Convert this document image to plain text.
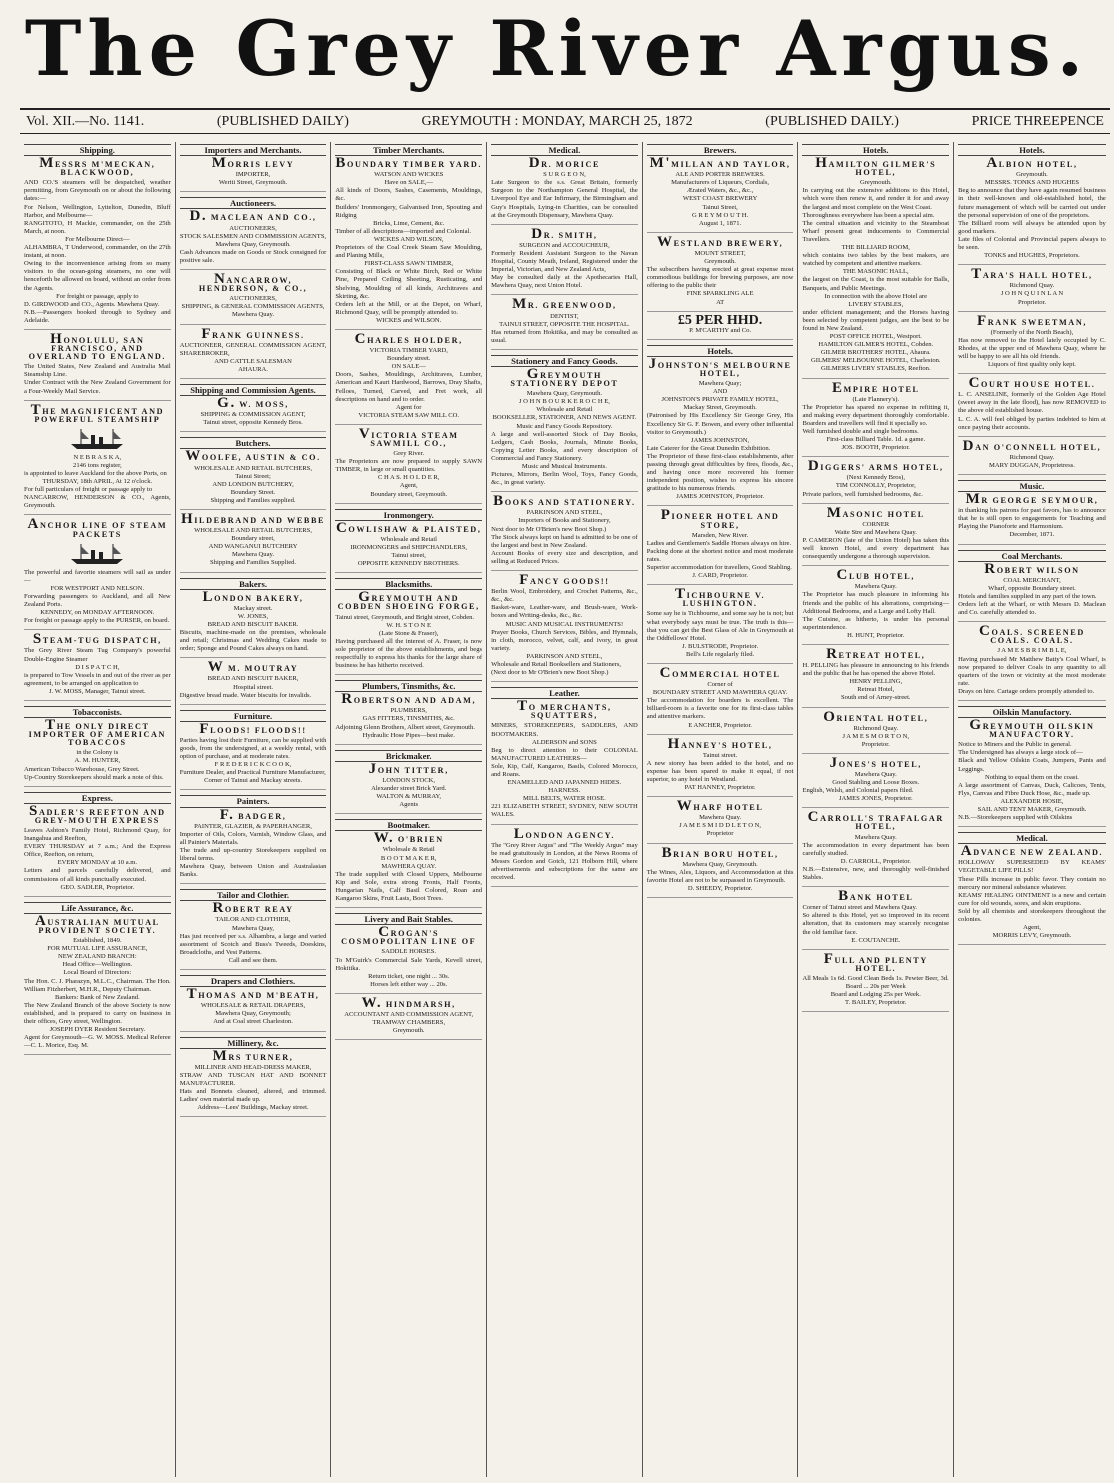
The Grey River Argus.
Vol. XII.—No. 1141.	(PUBLISHED DAILY)	GREYMOUTH : MONDAY, MARCH 25, 1872	(PUBLISHED DAILY.)	PRICE THREEPENCE
Shipping.
MESSRS M'MECKAN, BLACKWOOD,
AND CO.'S steamers will be despatched, weather permitting, from Greymouth on or about the following dates:—
For Nelson, Wellington, Lyttelton, Dunedin, Bluff Harbor, and Melbourne—
RANGITOTO, H Mackie, commander, on the 25th March, at noon.
For Melbourne Direct—
ALHAMBRA, T Underwood, commander, on the 27th instant, at noon.
Owing to the inconvenience arising from so many visitors to the ocean-going steamers, no one will henceforth be allowed on board, without an order from the Agents.
For freight or passage, apply to
D. GIRDWOOD and CO., Agents. Mawhera Quay.
N.B.—Passengers booked through to Sydney and Adelaide.
HONOLULU, SAN FRANCISCO, AND OVERLAND TO ENGLAND.
The United States, New Zealand and Australia Mail Steamship Line.
Under Contract with the New Zealand Government for a Four-Weekly Mail Service.
THE MAGNIFICENT AND POWERFUL STEAMSHIP
N E B R A S K A,
2146 tons register,
is appointed to leave Auckland for the above Ports, on
THURSDAY, 18th APRIL, At 12 o'clock.
For full particulars of freight or passage apply to
NANCARROW, HENDERSON & CO., Agents, Greymouth.
ANCHOR LINE OF STEAM PACKETS
The powerful and favorite steamers will sail as under—
FOR WESTPORT AND NELSON.
Forwarding passengers to Auckland, and all New Zealand Ports.
KENNEDY, on MONDAY AFTERNOON.
For freight or passage apply to the PURSER, on board.
STEAM-TUG DISPATCH,
The Grey River Steam Tug Company's powerful Double-Engine Steamer
D I S P A T C H,
is prepared to Tow Vessels in and out of the river as per agreement, to be arranged on application to
J. W. MOSS, Manager, Tainui street.
Tobacconists.
THE ONLY DIRECT IMPORTER OF AMERICAN TOBACCOS
in the Colony is
A. M. HUNTER,
American Tobacco Warehouse, Grey Street.
Up-Country Storekeepers should mark a note of this.
Express.
SADLER'S REEFTON AND GREY-MOUTH EXPRESS
Leaves Ashton's Family Hotel, Richmond Quay, for Inangahua and Reefton,
EVERY THURSDAY at 7 a.m.; And the Express Office, Reefton, on return,
EVERY MONDAY at 10 a.m.
Letters and parcels carefully delivered, and commissions of all kinds punctually executed.
GEO. SADLER, Proprietor.
Life Assurance, &c.
AUSTRALIAN MUTUAL PROVIDENT SOCIETY.
Established, 1849.
FOR MUTUAL LIFE ASSURANCE,
NEW ZEALAND BRANCH:
Head Office—Wellington.
Local Board of Directors:
The Hon. C. J. Pharazyn, M.L.C., Chairman. The Hon. William Fitzherbert, M.H.R., Deputy Chairman.
Bankers: Bank of New Zealand.
The New Zealand Branch of the above Society is now established, and is prepared to carry on business in their offices, Grey street, Wellington.
JOSEPH DYER Resident Secretary.
Agent for Greymouth—G. W. MOSS. Medical Referee—C. L. Morice, Esq. M.
Importers and Merchants.
MORRIS LEVY
IMPORTER,
Weriti Street, Greymouth.
Auctioneers.
D. MACLEAN AND CO.,
AUCTIONEERS,
STOCK SALESMEN AND COMMISSION AGENTS,
Mawhera Quay, Greymouth.
Cash Advances made on Goods or Stock consigned for positive sale.
NANCARROW, HENDERSON, & CO.,
AUCTIONEERS,
SHIPPING, & GENERAL COMMISSION AGENTS,
Mawhera Quay.
FRANK GUINNESS.
AUCTIONEER, GENERAL COMMISSION AGENT, SHAREBROKER,
AND CATTLE SALESMAN
AHAURA.
Shipping and Commission Agents.
G. W. MOSS,
SHIPPING & COMMISSION AGENT,
Tainui street, opposite Kennedy Bros.
Butchers.
WOOLFE, AUSTIN & CO.
WHOLESALE AND RETAIL BUTCHERS,
Tainui Street;
AND LONDON BUTCHERY,
Boundary Street.
Shipping and Families supplied.
HILDEBRAND AND WEBBE
WHOLESALE AND RETAIL BUTCHERS,
Boundary street,
AND WANGANUI BUTCHERY
Mawhera Quay.
Shipping and Families Supplied.
Bakers.
LONDON BAKERY,
Mackay street.
W. JONES,
BREAD AND BISCUIT BAKER.
Biscuits, machine-made on the premises, wholesale and retail; Christmas and Wedding Cakes made to order; Sponge and Pound Cakes always on hand.
W M. MOUTRAY
BREAD AND BISCUIT BAKER,
Hospital street.
Digestive bread made. Water biscuits for invalids.
Furniture.
FLOODS! FLOODS!!
Parties having lost their Furniture, can be supplied with goods, from the undersigned, at a weekly rental, with option of purchase, and at moderate rates.
F R E D E R I C K C O O K,
Furniture Dealer, and Practical Furniture Manufacturer,
Corner of Tainui and Mackay streets.
Painters.
F. BADGER,
PAINTER, GLAZIER, & PAPERHANGER,
Importer of Oils, Colors, Varnish, Window Glass, and all Painter's Materials.
The trade and up-country Storekeepers supplied on liberal terms.
Mawhera Quay, between Union and Australasian Banks.
Tailor and Clothier.
ROBERT REAY
TAILOR AND CLOTHIER,
Mawhera Quay,
Has just received per s.s. Alhambra, a large and varied assortment of Scotch and Buss's Tweeds, Doeskins, Broadcloths, and Vest Patterns.
Call and see them.
Drapers and Clothiers.
THOMAS AND M'BEATH,
WHOLESALE & RETAIL DRAPERS,
Mawhera Quay, Greymouth;
And at Coal street Charleston.
Millinery, &c.
MRS TURNER,
MILLINER AND HEAD-DRESS MAKER,
STRAW AND TUSCAN HAT AND BONNET MANUFACTURER.
Hats and Bonnets cleaned, altered, and trimmed. Ladies' own material made up.
Address—Lees' Buildings, Mackay street.
Timber Merchants.
BOUNDARY TIMBER YARD.
WATSON AND WICKES
Have on SALE,—
All kinds of Doors, Sashes, Casements, Mouldings, &c.
Builders' Ironmongery, Galvanised Iron, Spouting and Ridging
Bricks, Lime, Cement, &c.
Timber of all descriptions—imported and Colonial.
WICKES AND WILSON,
Proprietors of the Coal Creek Steam Saw Moulding, and Planing Mills,
FIRST-CLASS SAWN TIMBER,
Consisting of Black or White Birch, Red or White Pine, Prepared Ceiling Sheeting, Rusticating, and Shelving, Moulding of all kinds, Architraves and Skirting, &c.
Orders left at the Mill, or at the Depot, on Wharf, Richmond Quay, will be promptly attended to.
WICKES and WILSON.
CHARLES HOLDER,
VICTORIA TIMBER YARD,
Boundary street.
ON SALE—
Doors, Sashes, Mouldings, Architraves, Lumber, American and Kauri Hardwood, Barrows, Dray Shafts, Felloes, Turned, Carved, and Fret work, all descriptions on hand and to order.
Agent for
VICTORIA STEAM SAW MILL CO.
VICTORIA STEAM SAWMILL CO.,
Grey River.
The Proprietors are now prepared to supply SAWN TIMBER, in large or small quantities.
C H A S. H O L D E R,
Agent,
Boundary street, Greymouth.
Ironmongery.
COWLISHAW & PLAISTED,
Wholesale and Retail
IRONMONGERS and SHIPCHANDLERS,
Tainui street,
OPPOSITE KENNEDY BROTHERS.
Blacksmiths.
GREYMOUTH AND COBDEN SHOEING FORGE,
Tainui street, Greymouth, and Bright street, Cobden.
W. H. S T O N E
(Late Stone & Fraser),
Having purchased all the interest of A. Fraser, is now sole proprietor of the above establishments, and begs respectfully to express his thanks for the large share of business he has hitherto received.
Plumbers, Tinsmiths, &c.
ROBERTSON AND ADAM,
PLUMBERS,
GAS FITTERS, TINSMITHS, &c.
Adjoining Glenn Brothers, Albert street, Greymouth.
Hydraulic Hose Pipes—best make.
Brickmaker.
JOHN TITTER,
LONDON STOCK,
Alexander street Brick Yard.
WALTON & MURRAY,
Agents
Bootmaker.
W. O'BRIEN
Wholesale & Retail
B O O T M A K E R,
MAWHERA QUAY.
The trade supplied with Closed Uppers, Melbourne Kip and Sole, extra strong Fronts, Half Fronts, Hungarian Nails, Calf Basil Colored, Roan and Kangaroo Skins, Fruit Lasts, Boot Trees.
Livery and Bait Stables.
CROGAN'S COSMOPOLITAN LINE OF
SADDLE HORSES.
To M'Guirk's Commercial Sale Yards, Kevell street, Hokitika.
Return ticket, one night ... 30s.
Horses left either way ... 20s.
W. HINDMARSH,
ACCOUNTANT AND COMMISSION AGENT,
TRAMWAY CHAMBERS,
Greymouth.
Medical.
DR. MORICE
S U R G E O N,
Late Surgeon to the s.s. Great Britain, formerly Surgeon to the Northampton General Hospital, the Liverpool Eye and Ear Infirmary, the Birmingham and Guy's Hospitals, Lying-in Charities, can be consulted at the Greymouth Dispensary, Mawhera Quay.
DR. SMITH,
SURGEON and ACCOUCHEUR,
Formerly Resident Assistant Surgeon to the Navan Hospital, County Meath, Ireland, Registered under the Imperial, Victorian, and New Zealand Acts,
May be consulted daily at the Apothecaries Hall, Mawhera Quay, next Union Hotel.
MR. GREENWOOD,
DENTIST,
TAINUI STREET, OPPOSITE THE HOSPITAL.
Has returned from Hokitika, and may be consulted as usual.
Stationery and Fancy Goods.
GREYMOUTH STATIONERY DEPOT
Mawhera Quay, Greymouth.
J O H N B O U R K E R O C H E,
Wholesale and Retail
BOOKSELLER, STATIONER, AND NEWS AGENT.
Music and Fancy Goods Repository.
A large and well-assorted Stock of Day Books, Ledgers, Cash Books, Journals, Minute Books, Copying Letter Books, and every description of Commercial and Fancy Stationery.
Music and Musical Instruments.
Pictures, Mirrors, Berlin Wool, Toys, Fancy Goods, &c., in great variety.
BOOKS AND STATIONERY.
PARKINSON AND STEEL,
Importers of Books and Stationery,
Next door to Mr O'Brien's new Boot Shop.)
The Stock always kept on hand is admitted to be one of the largest and best in New Zealand.
Account Books of every size and description, and selling at Reduced Prices.
FANCY GOODS!!
Berlin Wool, Embroidery, and Crochet Patterns, &c., &c., &c.
Basket-ware, Leather-ware, and Brush-ware, Work-boxes and Writing-desks, &c., &c.
MUSIC AND MUSICAL INSTRUMENTS!
Prayer Books, Church Services, Bibles, and Hymnals, in cloth, morocco, velvet, calf, and ivory, in great variety.
PARKINSON AND STEEL,
Wholesale and Retail Booksellers and Stationers,
(Next door to Mr O'Brien's new Boot Shop.)
Leather.
TO MERCHANTS, SQUATTERS,
MINERS, STOREKEEPERS, SADDLERS, AND BOOTMAKERS.
ALDERSON and SONS
Beg to direct attention to their COLONIAL MANUFACTURED LEATHERS—
Sole, Kip, Calf, Kangaroo, Basils, Colored Morocco, and Roans.
ENAMELLED AND JAPANNED HIDES.
HARNESS.
MILL BELTS, WATER HOSE.
221 ELIZABETH STREET, SYDNEY, NEW SOUTH WALES.
LONDON AGENCY.
The "Grey River Argus" and "The Weekly Argus" may be read gratuitously in London, at the News Rooms of Messrs Gordon and Gotch, 121 Holborn Hill, where advertisements and subscriptions for the same are received.
Brewers.
M'MILLAN AND TAYLOR,
ALE AND PORTER BREWERS.
Manufacturers of Liqueurs, Cordials,
Ærated Waters, &c., &c.,
WEST COAST BREWERY
Tainui Street,
G R E Y M O U T H.
August 1, 1871.
WESTLAND BREWERY,
MOUNT STREET,
Greymouth.
The subscribers having erected at great expense most commodious buildings for brewing purposes, are now offering to the public their
FINE SPARKLING ALE
AT
£5 PER HHD.
P. M'CARTHY and Co.
Hotels.
JOHNSTON'S MELBOURNE HOTEL,
Mawhera Quay;
AND
JOHNSTON'S PRIVATE FAMILY HOTEL,
Mackay Street, Greymouth.
(Patronised by His Excellency Sir George Grey, His Excellency Sir G. F. Bowen, and every other influential visitor to Greymouth.)
JAMES JOHNSTON,
Late Caterer for the Great Dunedin Exhibition.
The Proprietor of these first-class establishments, after passing through great difficulties by fires, floods, &c., and having once more recovered his former independent position, wishes to express his sincere gratitude to his numerous friends.
JAMES JOHNSTON, Proprietor.
PIONEER HOTEL AND STORE,
Marsden, New River.
Ladies and Gentlemen's Saddle Horses always on hire.
Packing done at the shortest notice and most moderate rates.
Superior accommodation for travellers, Good Stabling.
J. CARD, Proprietor.
TICHBOURNE V. LUSHINGTON.
Some say he is Tichbourne, and some say he is not; but what everybody says must be true. The truth is this—that you can get the Best Glass of Ale in Greymouth at the Oddfellows' Hotel.
J. BULSTRODE, Proprietor.
Bell's Life regularly filed.
COMMERCIAL HOTEL
Corner of
BOUNDARY STREET AND MAWHERA QUAY.
The accommodation for boarders is excellent. The billiard-room is a favorite one for its first-class tables and attentive markers.
E ANCHER, Proprietor.
HANNEY'S HOTEL,
Tainui street.
A new storey has been added to the hotel, and no expense has been spared to make it equal, if not superior, to any hotel in Westland.
PAT HANNEY, Proprietor.
WHARF HOTEL
Mawhera Quay.
J A M E S M I D D L E T O N,
Proprietor
BRIAN BORU HOTEL,
Mawhera Quay, Greymouth.
The Wines, Ales, Liquors, and Accommodation at this favorite Hotel are not to be surpassed in Greymouth.
D. SHEEDY, Proprietor.
Hotels.
HAMILTON GILMER'S HOTEL,
Greymouth.
In carrying out the extensive additions to this Hotel, which were then renew it, and render it for and away the largest and most complete on the West Coast.
Thoroughness everywhere has been a special aim.
The central situation and vicinity to the Steamboat Wharf present great inducements to Commercial Travellers.
THE BILLIARD ROOM,
which contains two tables by the best makers, are watched by competent and attentive markers.
THE MASONIC HALL,
the largest on the Coast, is the most suitable for Balls, Banquets, and Public Meetings.
In connection with the above Hotel are
LIVERY STABLES,
under efficient management; and the Horses having been selected by competent judges, are the best to be found in New Zealand.
POST OFFICE HOTEL, Westport.
HAMILTON GILMER'S HOTEL, Cobden.
GILMER BROTHERS' HOTEL, Ahaura.
GILMERS' MELBOURNE HOTEL, Charleston.
GILMERS LIVERY STABLES, Reefton.
EMPIRE HOTEL
(Late Flannery's).
The Proprietor has spared no expense in refitting it, and making every department thoroughly comfortable. Boarders and travellers will find it specially so.
Well furnished double and single bedrooms.
First-class Billiard Table. 1d. a game.
JOS. BOOTH, Proprietor.
DIGGERS' ARMS HOTEL,
(Next Kennedy Bros),
TIM CONNOLLY, Proprietor,
Private parlors, well furnished bedrooms, &c.
MASONIC HOTEL
CORNER
Waite Stre and Mawhera Quay.
P. CAMERON (late of the Union Hotel) has taken this well known Hotel, and every department has consequently undergone a thorough supervision.
CLUB HOTEL,
Mawhera Quay.
The Proprietor has much pleasure in informing his friends and the public of his alterations, comprising—Additional Bedrooms, and a Large and Lofty Hall.
The Cuisine, as hitherto, is under his personal superintendence.
H. HUNT, Proprietor.
RETREAT HOTEL,
H. PELLING has pleasure in announcing to his friends and the public that he has opened the above Hotel.
HENRY PELLING,
Retreat Hotel,
South end of Arney-street.
ORIENTAL HOTEL,
Richmond Quay.
J A M E S M O R T O N,
Proprietor.
JONES'S HOTEL,
Mawhera Quay.
Good Stabling and Loose Boxes.
English, Welsh, and Colonial papers filed.
JAMES JONES, Proprietor.
CARROLL'S TRAFALGAR HOTEL,
Mawhera Quay.
The accommodation in every department has been carefully studied.
D. CARROLL, Proprietor.
N.B.—Extensive, new, and thoroughly well-finished Stables.
BANK HOTEL
Corner of Tainui street and Mawhera Quay.
So altered is this Hotel, yet so improved in its recent alteration, that its customers may scarcely recognise the old familiar face.
E. COUTANCHE.
FULL AND PLENTY HOTEL.
All Meals 1s 6d. Good Clean Beds 1s. Pewter Beer, 3d.
Board ... 20s per Week
Board and Lodging 25s per Week.
T. BAILEY, Proprietor.
Hotels.
ALBION HOTEL,
Greymouth.
MESSRS. TONKS AND HUGHES
Beg to announce that they have again resumed business in their well-known and old-established hotel, the future management of which will be carried out under the personal supervision of one of the proprietors.
The Billiard room will always be attended upon by good markers.
Late files of Colonial and Provincial papers always to be seen.
TONKS and HUGHES, Proprietors.
TARA'S HALL HOTEL,
Richmond Quay.
J O H N Q U I N L A N
Proprietor.
FRANK SWEETMAN,
(Formerly of the North Beach),
Has now removed to the Hotel lately occupied by C. Rhodes, at the upper end of Mawhera Quay, where he will be happy to see all his old friends.
Liquors of first quality only kept.
COURT HOUSE HOTEL.
L. C. ANSELINE, formerly of the Golden Age Hotel (sweet away in the late flood), has now REMOVED to the above old established house.
L. C. A. will feel obliged by parties indebted to him at once paying their accounts.
DAN O'CONNELL HOTEL,
Richmond Quay.
MARY DUGGAN, Proprietress.
Music.
MR GEORGE SEYMOUR,
in thanking his patrons for past favors, has to announce that he is still open to engagements for Teaching and Playing the Pianoforte and Harmonium.
December, 1871.
Coal Merchants.
ROBERT WILSON
COAL MERCHANT,
Wharf, opposite Boundary street.
Hotels and families supplied in any part of the town.
Orders left at the Wharf, or with Messrs D. Maclean and Co. carefully attended to.
COALS. SCREENED COALS. COALS.
J A M E S B R I M B L E,
Having purchased Mr Matthew Batty's Coal Wharf, is now prepared to deliver Coals in any quantity to all quarters of the town or vicinity at the most moderate rate.
Drays on hire. Cartage orders promptly attended to.
Oilskin Manufactory.
GREYMOUTH OILSKIN MANUFACTORY.
Notice to Miners and the Public in general.
The Undersigned has always a large stock of—
Black and Yellow Oilskin Coats, Jumpers, Pants and Leggings.
Nothing to equal them on the coast.
A large assortment of Canvas, Duck, Calicoes, Tents, Flys, Canvas and Fibre Duck Hose, &c., made up.
ALEXANDER HOSIE,
SAIL AND TENT MAKER, Greymouth.
N.B.—Storekeepers supplied with Oilskins
Medical.
ADVANCE NEW ZEALAND.
HOLLOWAY SUPERSEDED BY KEAMS' VEGETABLE LIFE PILLS!
These Pills increase in public favor. They contain no mercury nor mineral substance whatever.
KEAMS' HEALING OINTMENT is a new and certain cure for old wounds, sores, and skin eruptions.
Sold by all chemists and storekeepers throughout the colonies.
Agent,
MORRIS LEVY, Greymouth.
